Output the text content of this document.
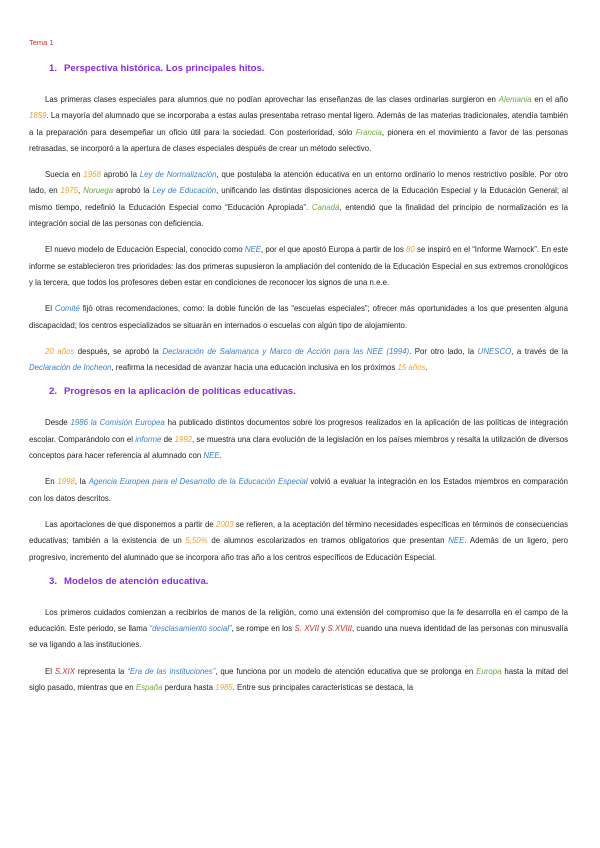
Tema 1
1. Perspectiva histórica. Los principales hitos.

Las primeras clases especiales para alumnos que no podían aprovechar las enseñanzas de las clases ordinarias surgieron en Alemania en el año 1859. La mayoría del alumnado que se incorporaba a estas aulas presentaba retraso mental ligero. Además de las materias tradicionales, atendía también a la preparación para desempeñar un oficio útil para la sociedad. Con posterioridad, sólo Francia, pionera en el movimiento a favor de las personas retrasadas, se incorporó a la apertura de clases especiales después de crear un método selectivo.

Suecia en 1968 aprobó la Ley de Normalización, que postulaba la atención educativa en un entorno ordinario lo menos restrictivo posible. Por otro lado, en 1975, Noruega aprobó la Ley de Educación, unificando las distintas disposiciones acerca de la Educación Especial y la Educación General; al mismo tiempo, redefinió la Educación Especial como “Educación Apropiada”. Canadá, entendió que la finalidad del principio de normalización es la integración social de las personas con deficiencia.

El nuevo modelo de Educación Especial, conocido como NEE, por el que apostó Europa a partir de los 80 se inspiró en el “Informe Warnock”. En este informe se establecieron tres prioridades: las dos primeras supusieron la ampliación del contenido de la Educación Especial en sus extremos cronológicos y la tercera, que todos los profesores deben estar en condiciones de reconocer los signos de una n.e.e.

El Comité fijó otras recomendaciones, como: la doble función de las “escuelas especiales”; ofrecer más oportunidades a los que presenten alguna discapacidad; los centros especializados se situarán en internados o escuelas con algún tipo de alojamiento.

20 años después, se aprobó la Declaración de Salamanca y Marco de Acción para las NEE (1994). Por otro lado, la UNESCO, a través de la Declaración de Incheon, reafirma la necesidad de avanzar hacia una educación inclusiva en los próximos 15 años.

2. Progresos en la aplicación de políticas educativas.

Desde 1986 la Comisión Europea ha publicado distintos documentos sobre los progresos realizados en la aplicación de las políticas de integración escolar. Comparándolo con el informe de 1992, se muestra una clara evolución de la legislación en los países miembros y resalta la utilización de diversos conceptos para hacer referencia al alumnado con NEE.

En 1998, la Agencia Europea para el Desarrollo de la Educación Especial volvió a evaluar la integración en los Estados miembros en comparación con los datos descritos.

Las aportaciones de que disponemos a partir de 2003 se refieren, a la aceptación del término necesidades específicas en términos de consecuencias educativas; también a la existencia de un 5,50% de alumnos escolarizados en tramos obligatorios que presentan NEE. Además de un ligero, pero progresivo, incremento del alumnado que se incorpora año tras año a los centros específicos de Educación Especial.

3. Modelos de atención educativa.

Los primeros cuidados comienzan a recibirlos de manos de la religión, como una extensión del compromiso que la fe desarrolla en el campo de la educación. Este periodo, se llama “desclasamiento social”, se rompe en los S. XVII y S.XVIII, cuando una nueva identidad de las personas con minusvalía se va ligando a las instituciones.

El S.XIX representa la “Era de las instituciones”, que funciona por un modelo de atención educativa que se prolonga en Europa hasta la mitad del siglo pasado, mientras que en España perdura hasta 1985. Entre sus principales características se destaca, la
